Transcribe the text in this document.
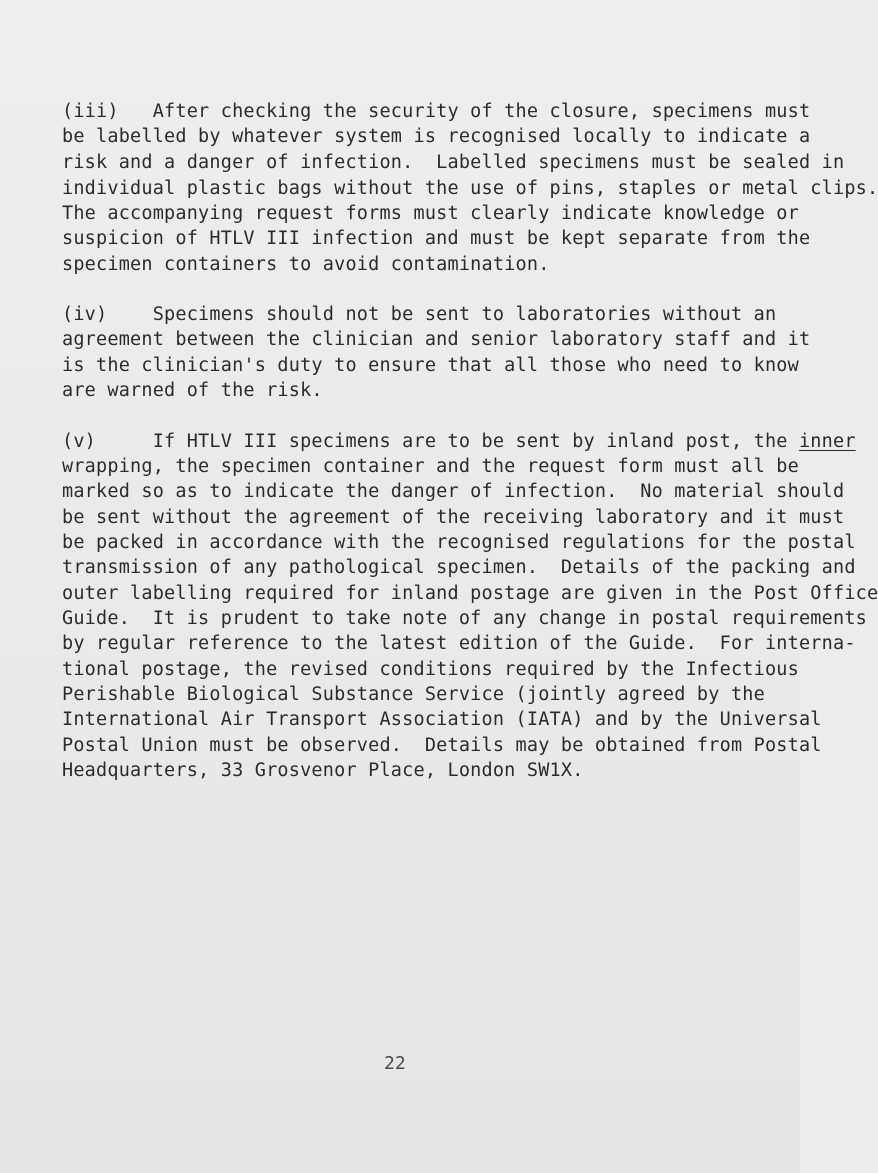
(iii)   After checking the security of the closure, specimens must

be labelled by whatever system is recognised locally to indicate a

risk and a danger of infection.  Labelled specimens must be sealed in

individual plastic bags without the use of pins, staples or metal clips.

The accompanying request forms must clearly indicate knowledge or

suspicion of HTLV III infection and must be kept separate from the

specimen containers to avoid contamination.

(iv)    Specimens should not be sent to laboratories without an

agreement between the clinician and senior laboratory staff and it

is the clinician's duty to ensure that all those who need to know

are warned of the risk.

(v)     If HTLV III specimens are to be sent by inland post, the inner

wrapping, the specimen container and the request form must all be

marked so as to indicate the danger of infection.  No material should

be sent without the agreement of the receiving laboratory and it must

be packed in accordance with the recognised regulations for the postal

transmission of any pathological specimen.  Details of the packing and

outer labelling required for inland postage are given in the Post Office

Guide.  It is prudent to take note of any change in postal requirements

by regular reference to the latest edition of the Guide.  For interna-

tional postage, the revised conditions required by the Infectious

Perishable Biological Substance Service (jointly agreed by the

International Air Transport Association (IATA) and by the Universal

Postal Union must be observed.  Details may be obtained from Postal

Headquarters, 33 Grosvenor Place, London SW1X.

22
